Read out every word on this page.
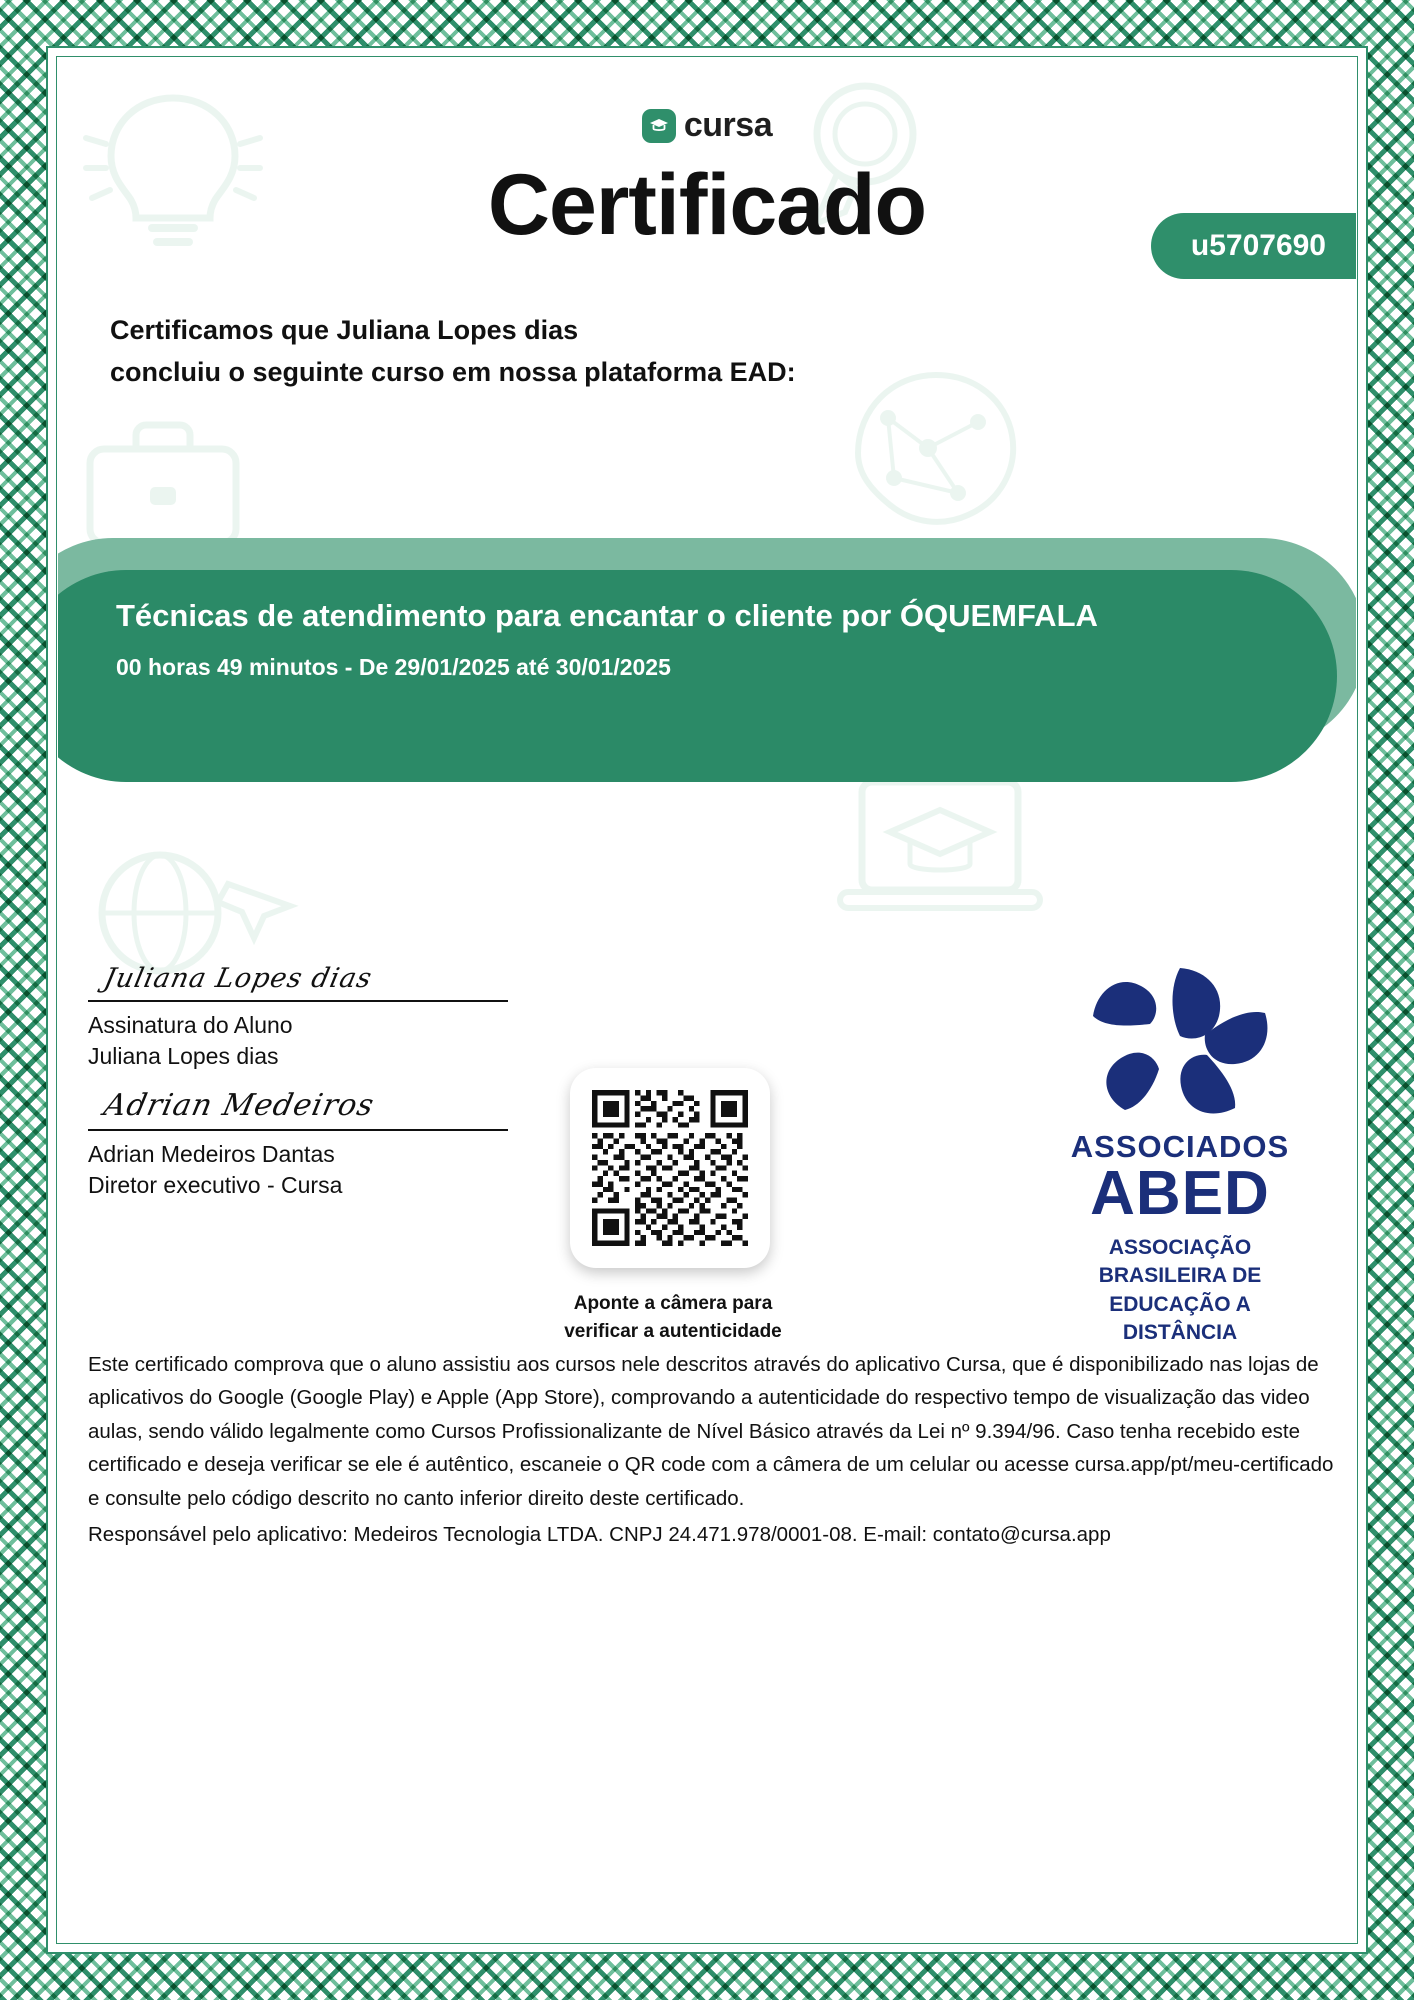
cursa
Certificado	u5707690
Certificamos que Juliana Lopes dias
concluiu o seguinte curso em nossa plataforma EAD:
Técnicas de atendimento para encantar o cliente por ÓQUEMFALA
00 horas 49 minutos - De 29/01/2025 até 30/01/2025
Juliana Lopes dias
Assinatura do Aluno
Juliana Lopes dias
Adrian Medeiros
Adrian Medeiros Dantas
Diretor executivo - Cursa
Aponte a câmera para
verificar a autenticidade
ASSOCIADOS
ABED
ASSOCIAÇÃO
BRASILEIRA DE
EDUCAÇÃO A
DISTÂNCIA

Este certificado comprova que o aluno assistiu aos cursos nele descritos através do aplicativo Cursa, que é disponibilizado nas lojas de aplicativos do Google (Google Play) e Apple (App Store), comprovando a autenticidade do respectivo tempo de visualização das video aulas, sendo válido legalmente como Cursos Profissionalizante de Nível Básico através da Lei nº 9.394/96. Caso tenha recebido este certificado e deseja verificar se ele é autêntico, escaneie o QR code com a câmera de um celular ou acesse cursa.app/pt/meu-certificado e consulte pelo código descrito no canto inferior direito deste certificado.

Responsável pelo aplicativo: Medeiros Tecnologia LTDA. CNPJ 24.471.978/0001-08. E-mail: contato@cursa.app
